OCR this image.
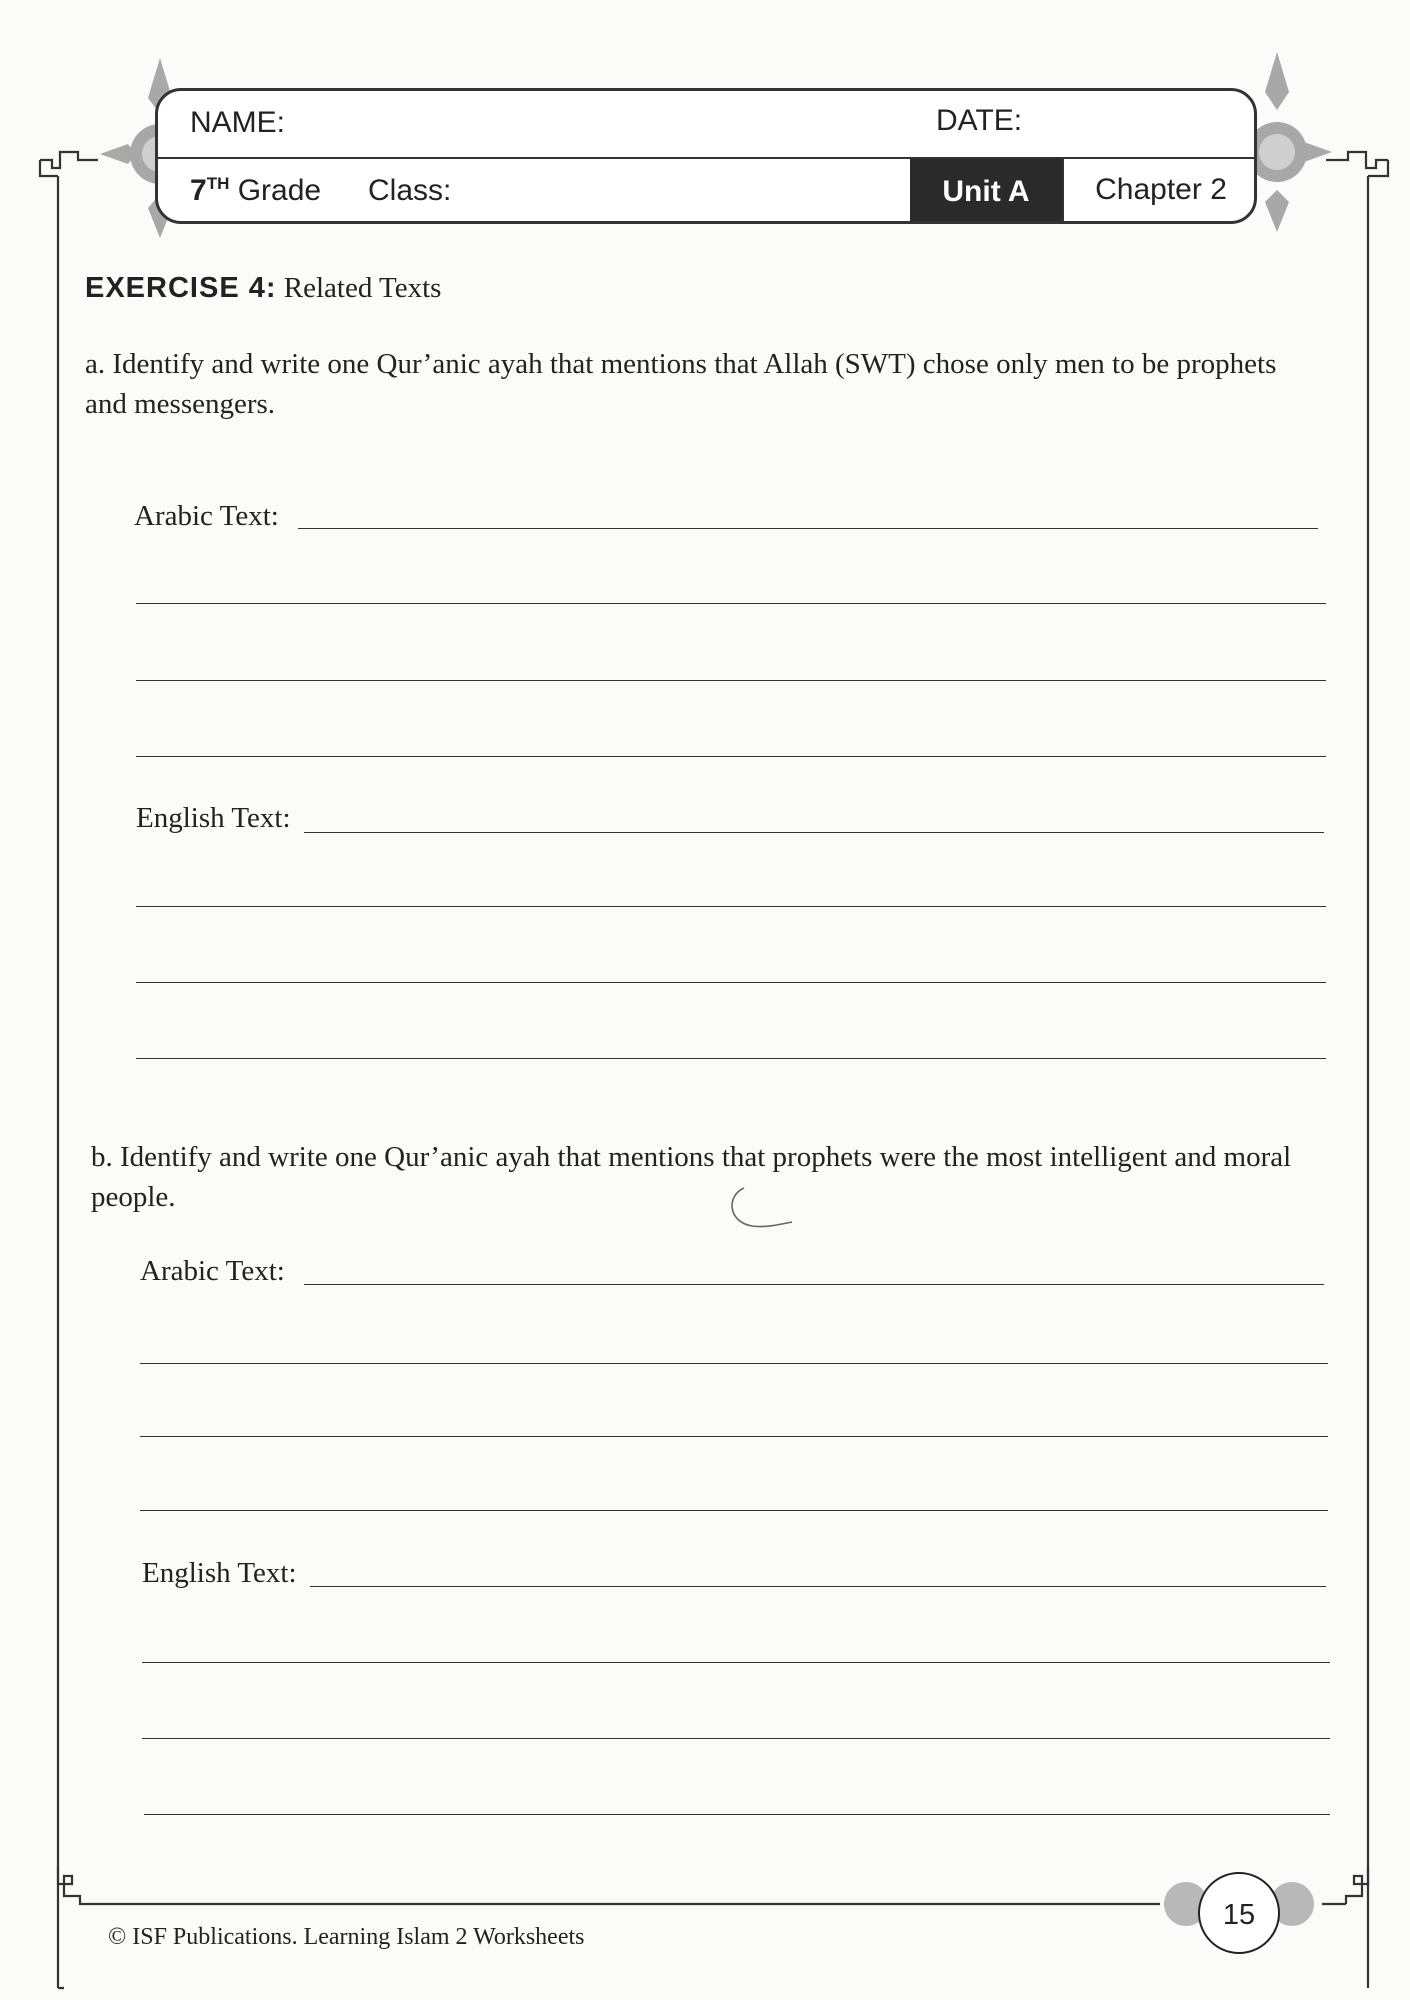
NAME:	DATE:
7TH Grade Class:	Unit A	Chapter 2
EXERCISE 4: Related Texts
a. Identify and write one Qur’anic ayah that mentions that Allah (SWT) chose only men to be prophets and messengers.
Arabic Text:
English Text:
b. Identify and write one Qur’anic ayah that mentions that prophets were the most intelligent and moral people.
Arabic Text:
English Text:
© ISF Publications. Learning Islam 2 Worksheets
15
